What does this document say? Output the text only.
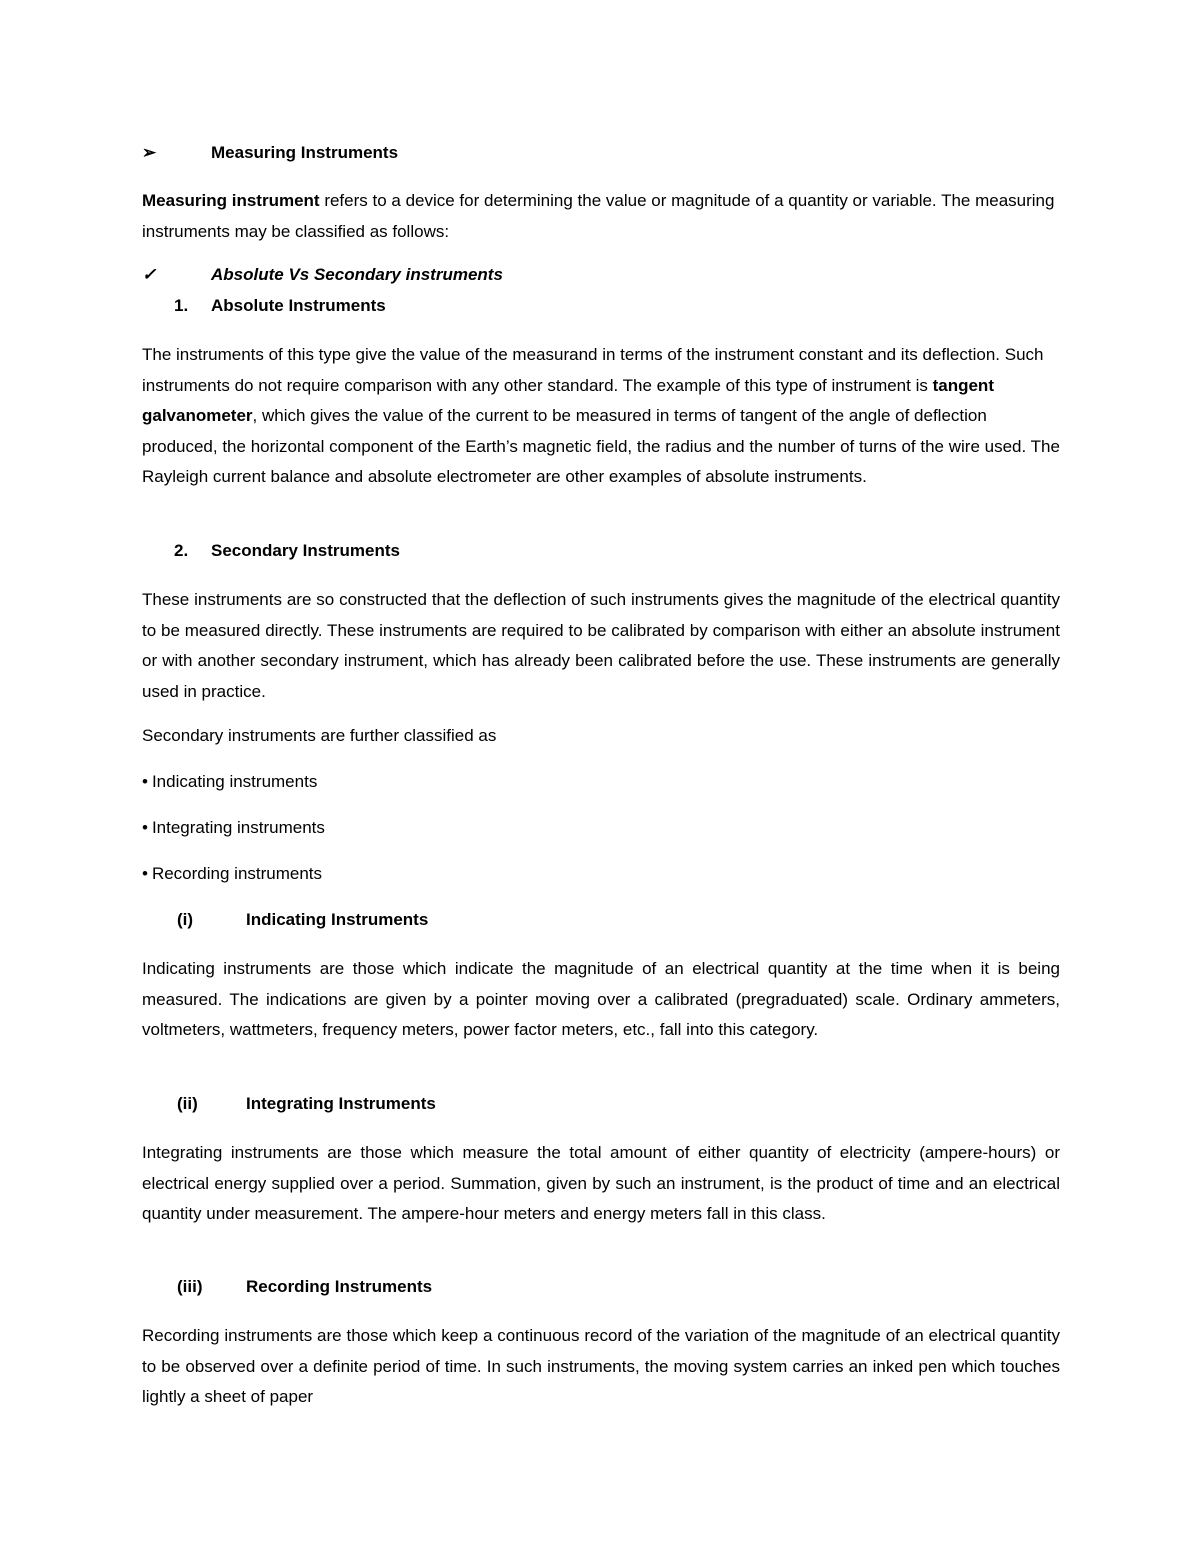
➢	Measuring Instruments

Measuring instrument refers to a device for determining the value or magnitude of a quantity or variable. The measuring instruments may be classified as follows:

✓	Absolute Vs Secondary instruments

1. Absolute Instruments

The instruments of this type give the value of the measurand in terms of the instrument constant and its deflection. Such instruments do not require comparison with any other standard. The example of this type of instrument is tangent galvanometer, which gives the value of the current to be measured in terms of tangent of the angle of deflection produced, the horizontal component of the Earth’s magnetic field, the radius and the number of turns of the wire used. The Rayleigh current balance and absolute electrometer are other examples of absolute instruments.

2. Secondary Instruments

These instruments are so constructed that the deflection of such instruments gives the magnitude of the electrical quantity to be measured directly. These instruments are required to be calibrated by comparison with either an absolute instrument or with another secondary instrument, which has already been calibrated before the use. These instruments are generally used in practice.

Secondary instruments are further classified as

• Indicating instruments

• Integrating instruments

• Recording instruments

(i)	Indicating Instruments

Indicating instruments are those which indicate the magnitude of an electrical quantity at the time when it is being measured. The indications are given by a pointer moving over a calibrated (pregraduated) scale. Ordinary ammeters, voltmeters, wattmeters, frequency meters, power factor meters, etc., fall into this category.

(ii)	Integrating Instruments

Integrating instruments are those which measure the total amount of either quantity of electricity (ampere-hours) or electrical energy supplied over a period. Summation, given by such an instrument, is the product of time and an electrical quantity under measurement. The ampere-hour meters and energy meters fall in this class.

(iii)	Recording Instruments

Recording instruments are those which keep a continuous record of the variation of the magnitude of an electrical quantity to be observed over a definite period of time. In such instruments, the moving system carries an inked pen which touches lightly a sheet of paper
